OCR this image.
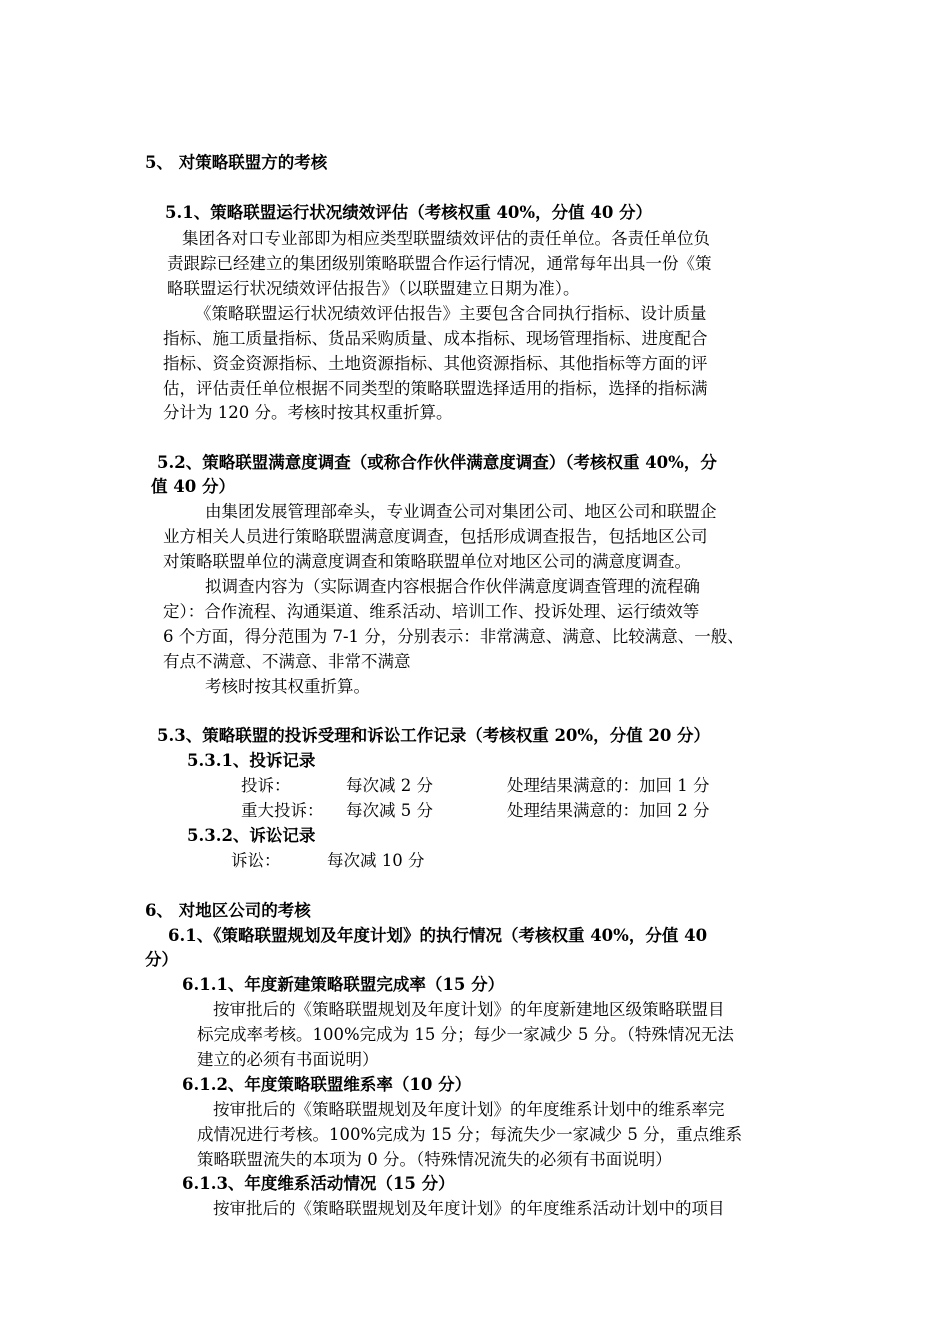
5、 对策略联盟方的考核
5.1、策略联盟运行状况绩效评估（考核权重 40%，分值 40 分）
集团各对口专业部即为相应类型联盟绩效评估的责任单位。各责任单位负
责跟踪已经建立的集团级别策略联盟合作运行情况，通常每年出具一份《策
略联盟运行状况绩效评估报告》（以联盟建立日期为准）。
《策略联盟运行状况绩效评估报告》主要包含合同执行指标、设计质量
指标、施工质量指标、货品采购质量、成本指标、现场管理指标、进度配合
指标、资金资源指标、土地资源指标、其他资源指标、其他指标等方面的评
估，评估责任单位根据不同类型的策略联盟选择适用的指标，选择的指标满
分计为 120 分。考核时按其权重折算。
5.2、策略联盟满意度调查（或称合作伙伴满意度调查）（考核权重 40%，分
值 40 分）
由集团发展管理部牵头，专业调查公司对集团公司、地区公司和联盟企
业方相关人员进行策略联盟满意度调查，包括形成调查报告，包括地区公司
对策略联盟单位的满意度调查和策略联盟单位对地区公司的满意度调查。
拟调查内容为（实际调查内容根据合作伙伴满意度调查管理的流程确
定）：合作流程、沟通渠道、维系活动、培训工作、投诉处理、运行绩效等
6 个方面，得分范围为 7-1 分，分别表示：非常满意、满意、比较满意、一般、
有点不满意、不满意、非常不满意
考核时按其权重折算。
5.3、策略联盟的投诉受理和诉讼工作记录（考核权重 20%，分值 20 分）
5.3.1、投诉记录
投诉：	每次减 2 分	处理结果满意的：加回 1 分
重大投诉： 每次减 5 分	处理结果满意的：加回 2 分
5.3.2、诉讼记录
诉讼：	每次减 10 分
6、 对地区公司的考核
6.1、《策略联盟规划及年度计划》的执行情况（考核权重 40%，分值 40
分）
6.1.1、年度新建策略联盟完成率（15 分）
按审批后的《策略联盟规划及年度计划》的年度新建地区级策略联盟目
标完成率考核。100%完成为 15 分；每少一家减少 5 分。（特殊情况无法
建立的必须有书面说明）
6.1.2、年度策略联盟维系率（10 分）
按审批后的《策略联盟规划及年度计划》的年度维系计划中的维系率完
成情况进行考核。100%完成为 15 分；每流失少一家减少 5 分，重点维系
策略联盟流失的本项为 0 分。（特殊情况流失的必须有书面说明）
6.1.3、年度维系活动情况（15 分）
按审批后的《策略联盟规划及年度计划》的年度维系活动计划中的项目
